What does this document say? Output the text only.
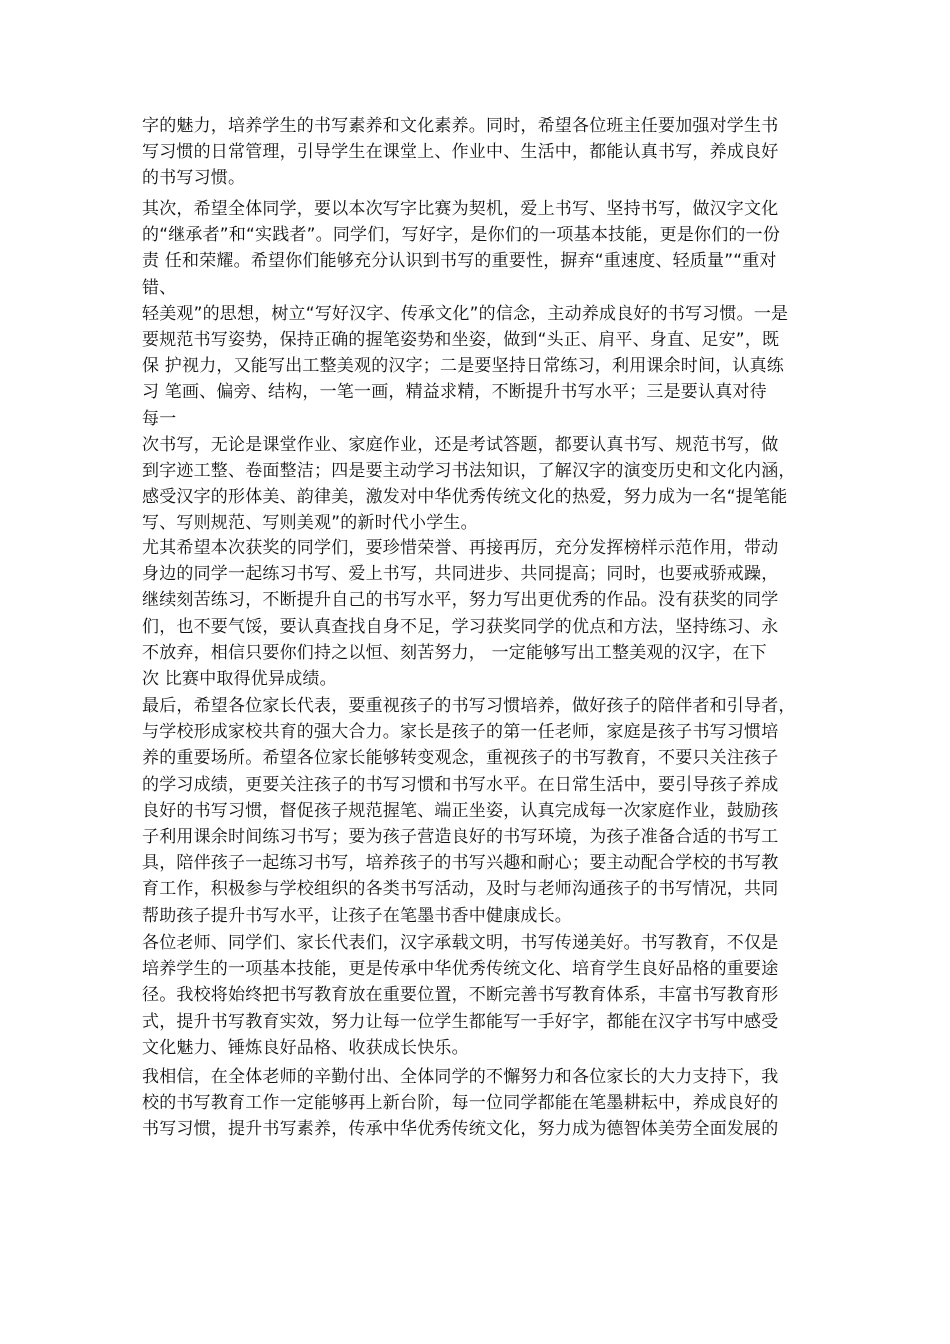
字的魅力，培养学生的书写素养和文化素养。同时，希望各位班主任要加强对学生书
写习惯的日常管理，引导学生在课堂上、作业中、生活中，都能认真书写，养成良好
的书写习惯。
其次，希望全体同学，要以本次写字比赛为契机，爱上书写、坚持书写，做汉字文化
的“继承者”和“实践者”。同学们，写好字，是你们的一项基本技能，更是你们的一份
责 任和荣耀。希望你们能够充分认识到书写的重要性，摒弃“重速度、轻质量”“重对
错、
轻美观”的思想，树立“写好汉字、传承文化”的信念，主动养成良好的书写习惯。一是
要规范书写姿势，保持正确的握笔姿势和坐姿，做到“头正、肩平、身直、足安”，既
保 护视力，又能写出工整美观的汉字；二是要坚持日常练习，利用课余时间，认真练
习 笔画、偏旁、结构，一笔一画，精益求精，不断提升书写水平；三是要认真对待
每一
次书写，无论是课堂作业、家庭作业，还是考试答题，都要认真书写、规范书写，做
到字迹工整、卷面整洁；四是要主动学习书法知识，了解汉字的演变历史和文化内涵，
感受汉字的形体美、韵律美，激发对中华优秀传统文化的热爱，努力成为一名“提笔能
写、写则规范、写则美观”的新时代小学生。
尤其希望本次获奖的同学们，要珍惜荣誉、再接再厉，充分发挥榜样示范作用，带动
身边的同学一起练习书写、爱上书写，共同进步、共同提高；同时，也要戒骄戒躁，
继续刻苦练习，不断提升自己的书写水平，努力写出更优秀的作品。没有获奖的同学
们，也不要气馁，要认真查找自身不足，学习获奖同学的优点和方法，坚持练习、永
不放弃，相信只要你们持之以恒、刻苦努力， 一定能够写出工整美观的汉字，在下
次 比赛中取得优异成绩。
最后，希望各位家长代表，要重视孩子的书写习惯培养，做好孩子的陪伴者和引导者，
与学校形成家校共育的强大合力。家长是孩子的第一任老师，家庭是孩子书写习惯培
养的重要场所。希望各位家长能够转变观念，重视孩子的书写教育，不要只关注孩子
的学习成绩，更要关注孩子的书写习惯和书写水平。在日常生活中，要引导孩子养成
良好的书写习惯，督促孩子规范握笔、端正坐姿，认真完成每一次家庭作业，鼓励孩
子利用课余时间练习书写；要为孩子营造良好的书写环境，为孩子准备合适的书写工
具，陪伴孩子一起练习书写，培养孩子的书写兴趣和耐心；要主动配合学校的书写教
育工作，积极参与学校组织的各类书写活动，及时与老师沟通孩子的书写情况，共同
帮助孩子提升书写水平，让孩子在笔墨书香中健康成长。
各位老师、同学们、家长代表们，汉字承载文明，书写传递美好。书写教育，不仅是
培养学生的一项基本技能，更是传承中华优秀传统文化、培育学生良好品格的重要途
径。我校将始终把书写教育放在重要位置，不断完善书写教育体系，丰富书写教育形
式，提升书写教育实效，努力让每一位学生都能写一手好字，都能在汉字书写中感受
文化魅力、锤炼良好品格、收获成长快乐。
我相信，在全体老师的辛勤付出、全体同学的不懈努力和各位家长的大力支持下，我
校的书写教育工作一定能够再上新台阶，每一位同学都能在笔墨耕耘中，养成良好的
书写习惯，提升书写素养，传承中华优秀传统文化，努力成为德智体美劳全面发展的
